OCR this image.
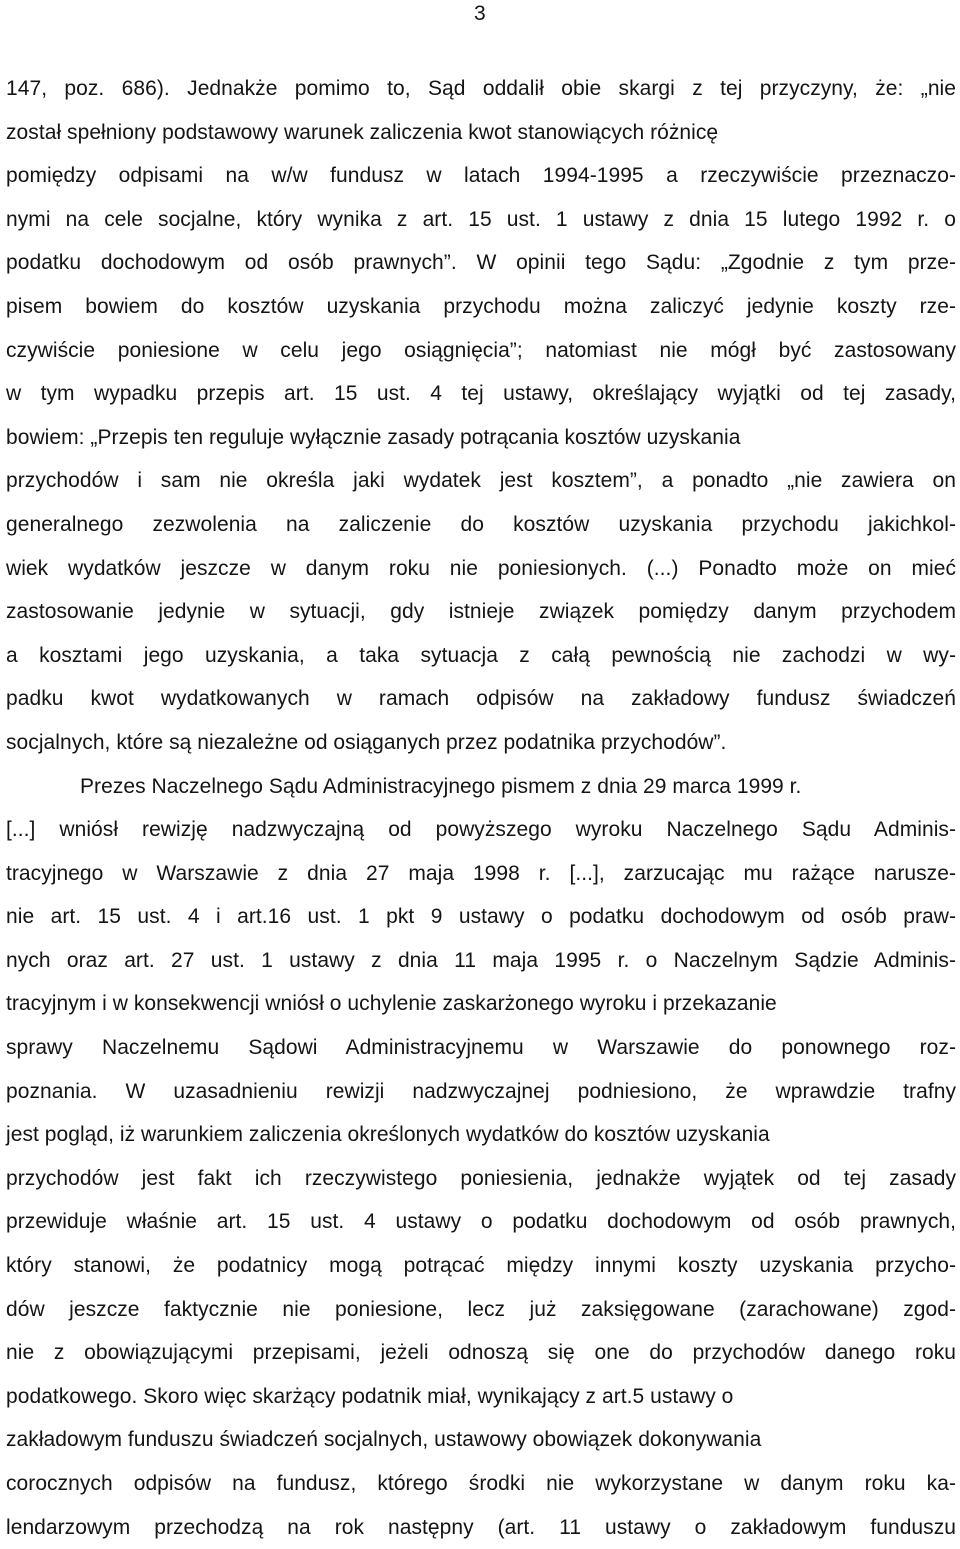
3
147, poz. 686). Jednakże pomimo to, Sąd oddalił obie skargi z tej przyczyny, że: „nie
został spełniony podstawowy warunek zaliczenia kwot stanowiących różnicę
pomiędzy odpisami na w/w fundusz w latach 1994-1995 a rzeczywiście przeznaczo-
nymi na cele socjalne, który wynika z art. 15 ust. 1 ustawy z dnia 15 lutego 1992 r. o
podatku dochodowym od osób prawnych”. W opinii tego Sądu: „Zgodnie z tym prze-
pisem bowiem do kosztów uzyskania przychodu można zaliczyć jedynie koszty rze-
czywiście poniesione w celu jego osiągnięcia”; natomiast nie mógł być zastosowany
w tym wypadku przepis art. 15 ust. 4 tej ustawy, określający wyjątki od tej zasady,
bowiem: „Przepis ten reguluje wyłącznie zasady potrącania kosztów uzyskania
przychodów i sam nie określa jaki wydatek jest kosztem”, a ponadto „nie zawiera on
generalnego zezwolenia na zaliczenie do kosztów uzyskania przychodu jakichkol-
wiek wydatków jeszcze w danym roku nie poniesionych. (...) Ponadto może on mieć
zastosowanie jedynie w sytuacji, gdy istnieje związek pomiędzy danym przychodem
a kosztami jego uzyskania, a taka sytuacja z całą pewnością nie zachodzi w wy-
padku kwot wydatkowanych w ramach odpisów na zakładowy fundusz świadczeń
socjalnych, które są niezależne od osiąganych przez podatnika przychodów”.
Prezes Naczelnego Sądu Administracyjnego pismem z dnia 29 marca 1999 r.
[...] wniósł rewizję nadzwyczajną od powyższego wyroku Naczelnego Sądu Adminis-
tracyjnego w Warszawie z dnia 27 maja 1998 r. [...], zarzucając mu rażące narusze-
nie art. 15 ust. 4 i art.16 ust. 1 pkt 9 ustawy o podatku dochodowym od osób praw-
nych oraz art. 27 ust. 1 ustawy z dnia 11 maja 1995 r. o Naczelnym Sądzie Adminis-
tracyjnym i w konsekwencji wniósł o uchylenie zaskarżonego wyroku i przekazanie
sprawy Naczelnemu Sądowi Administracyjnemu w Warszawie do ponownego roz-
poznania. W uzasadnieniu rewizji nadzwyczajnej podniesiono, że wprawdzie trafny
jest pogląd, iż warunkiem zaliczenia określonych wydatków do kosztów uzyskania
przychodów jest fakt ich rzeczywistego poniesienia, jednakże wyjątek od tej zasady
przewiduje właśnie art. 15 ust. 4 ustawy o podatku dochodowym od osób prawnych,
który stanowi, że podatnicy mogą potrącać między innymi koszty uzyskania przycho-
dów jeszcze faktycznie nie poniesione, lecz już zaksięgowane (zarachowane) zgod-
nie z obowiązującymi przepisami, jeżeli odnoszą się one do przychodów danego roku
podatkowego. Skoro więc skarżący podatnik miał, wynikający z art.5 ustawy o
zakładowym funduszu świadczeń socjalnych, ustawowy obowiązek dokonywania
corocznych odpisów na fundusz, którego środki nie wykorzystane w danym roku ka-
lendarzowym przechodzą na rok następny (art. 11 ustawy o zakładowym funduszu
